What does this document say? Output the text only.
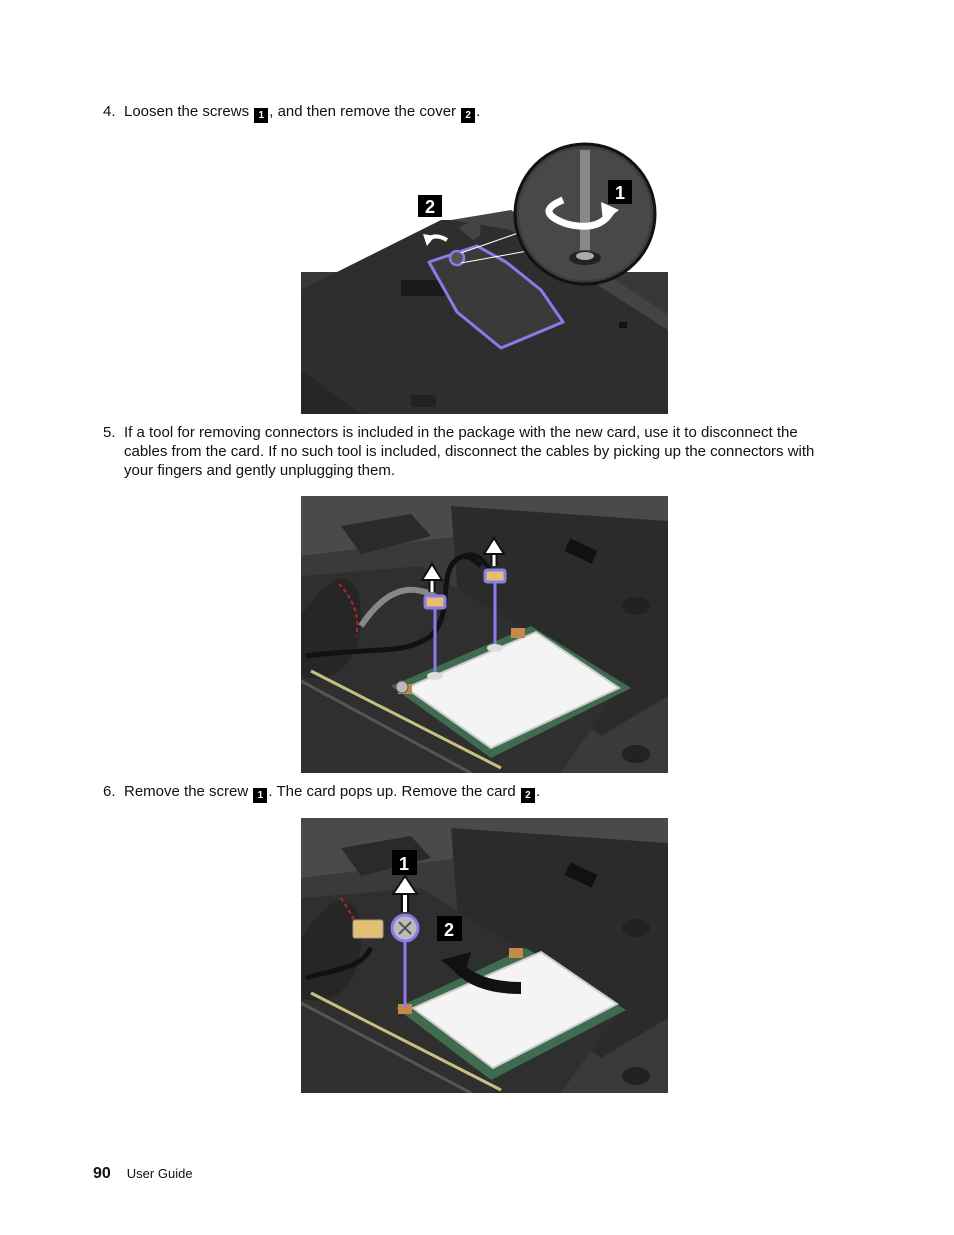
4. Loosen the screws 1 , and then remove the cover 2 .
2
1
5. If a tool for removing connectors is included in the package with the new card, use it to disconnect the cables from the card. If no such tool is included, disconnect the cables by picking up the connectors with your fingers and gently unplugging them.
6. Remove the screw 1 . The card pops up. Remove the card 2 .
1
2
90 User Guide
